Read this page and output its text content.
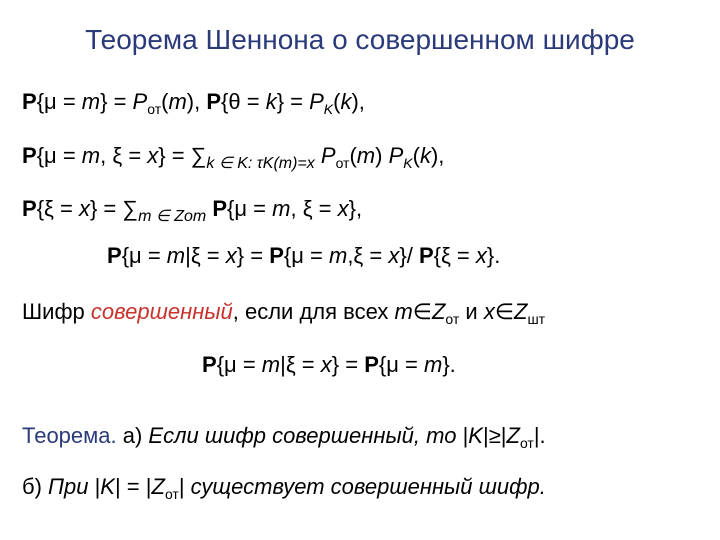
Теорема Шеннона о совершенном шифре
$P\{\mu = m\} = P_{от}(m)$, $P\{\theta = k\} = P_K(k)$,
P{μ = m, $\xi = x\} = \sum_{k \in K: \tau K(m)=x}$ $P_{от}(m)$ $P_K(k)$,
$P\{\xi = x\} = \sum_{m \in Zот}$ P{μ = m, ξ = x},
P{μ = m|ξ = x} = P{μ = m,ξ = x}/ P{ξ = x}.
Шифр совершенный, если для всех $m\in Z_{от}$ и $x\in Z_{шт}$
P{μ = m|ξ = x} = P{μ = m}.
Теорема. а) Если шифр совершенный, то $|K|\ge|Z_{от}|$.
б) При $|K| = |Z_{от}|$ существует совершенный шифр.
